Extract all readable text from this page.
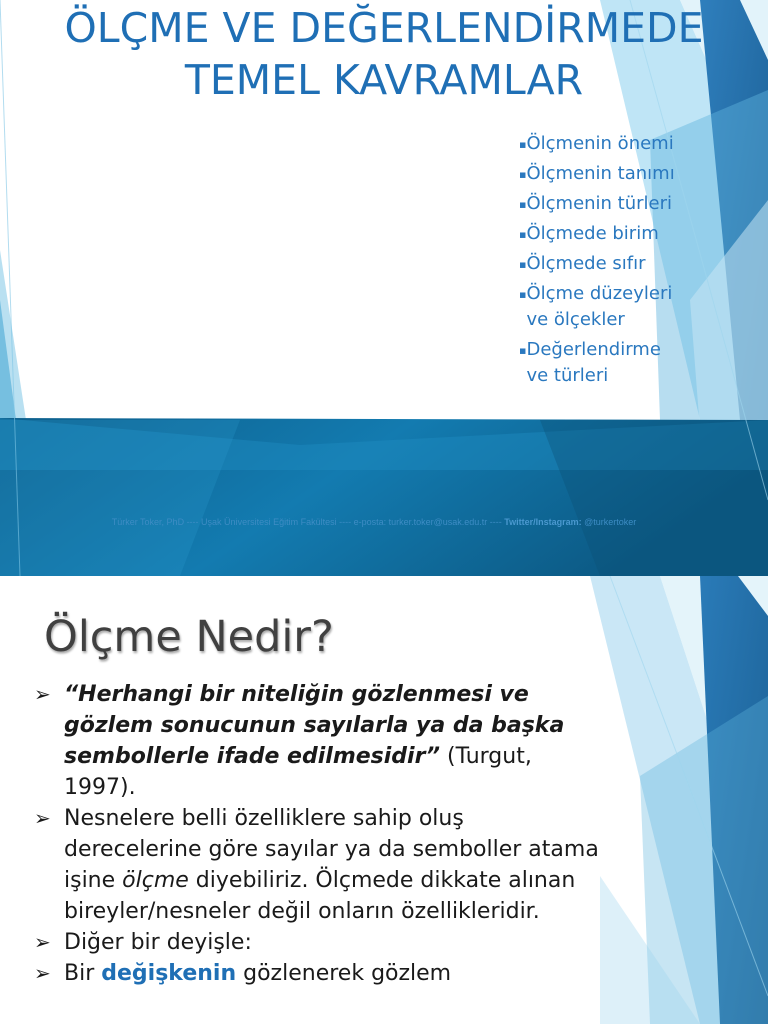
ÖLÇME VE DEĞERLENDİRMEDE
TEMEL KAVRAMLAR
▪Ölçmenin önemi
▪Ölçmenin tanımı
▪Ölçmenin türleri
▪Ölçmede birim
▪Ölçmede sıfır
▪Ölçme düzeyleri
ve ölçekler
▪Değerlendirme
ve türleri
Türker Toker, PhD ---- Uşak Üniversitesi Eğitim Fakültesi ---- e-posta: turker.toker@usak.edu.tr ---- Twitter/Instagram: @turkertoker
Ölçme Nedir?
➢ “Herhangi bir niteliğin gözlenmesi ve gözlem sonucunun sayılarla ya da başka sembollerle ifade edilmesidir” (Turgut, 1997).
➢ Nesnelere belli özelliklere sahip oluş derecelerine göre sayılar ya da semboller atama işine ölçme diyebiliriz. Ölçmede dikkate alınan bireyler/nesneler değil onların özellikleridir.
➢ Diğer bir deyişle:
➢ Bir değişkenin gözlenerek gözlem
